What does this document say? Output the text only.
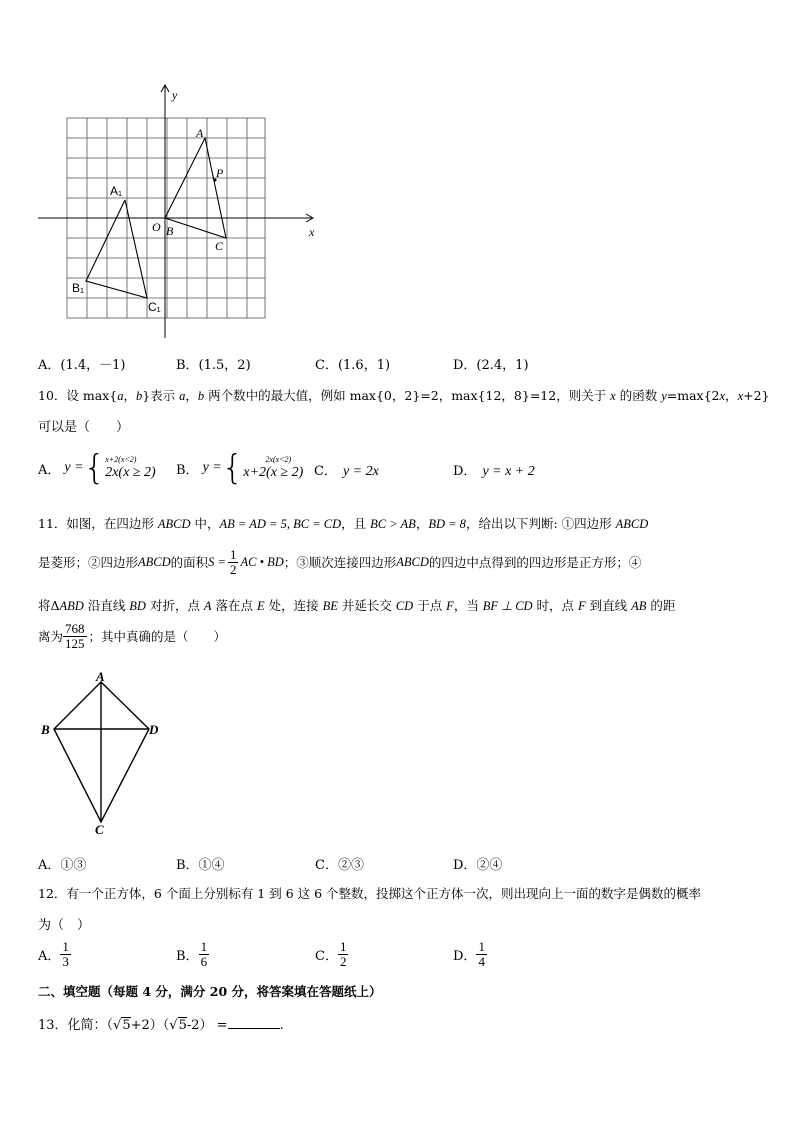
y
x
O B
A
P
C
A₁
B₁
C₁
A．(1.4，－1)	B．(1.5，2)	C．(1.6，1)	D．(2.4，1)
10．设 max{a，b}表示 a，b 两个数中的最大值，例如 max{0，2}=2，max{12，8}=12，则关于 x 的函数 y=max{2x，x+2}
可以是（　　）
A． y = { x+2(x<2)
2x(x ≥ 2) B． y = {	2x(x<2)
x+2(x ≥ 2) C． y = 2x	D． y = x + 2
11．如图，在四边形 ABCD 中，AB = AD = 5, BC = CD，且 BC > AB，BD = 8，给出以下判断: ①四边形 ABCD
是菱形；②四边形 ABCD 的面积 $S = \frac{1}{2}$ AC • BD ；③顺次连接四边形 ABCD 的四边中点得到的四边形是正方形；④
将ΔABD 沿直线 BD 对折，点 A 落在点 E 处，连接 BE 并延长交 CD 于点 F，当 BF ⊥ CD 时，点 F 到直线 AB 的距
离为 $\frac{768}{125}$ ；其中真确的是（　　）
A
B	D
C
A．①③	B．①④	C．②③	D．②④
12．有一个正方体，6 个面上分别标有 1 到 6 这 6 个整数，投掷这个正方体一次，则出现向上一面的数字是偶数的概率
为（　）
A． $\frac{1}{3}$	B． $\frac{1}{6}$	C． $\frac{1}{2}$	D． $\frac{1}{4}$
二、填空题（每题 4 分，满分 20 分，将答案填在答题纸上）
13．化简：（√5+2）（√5-2） =	.
